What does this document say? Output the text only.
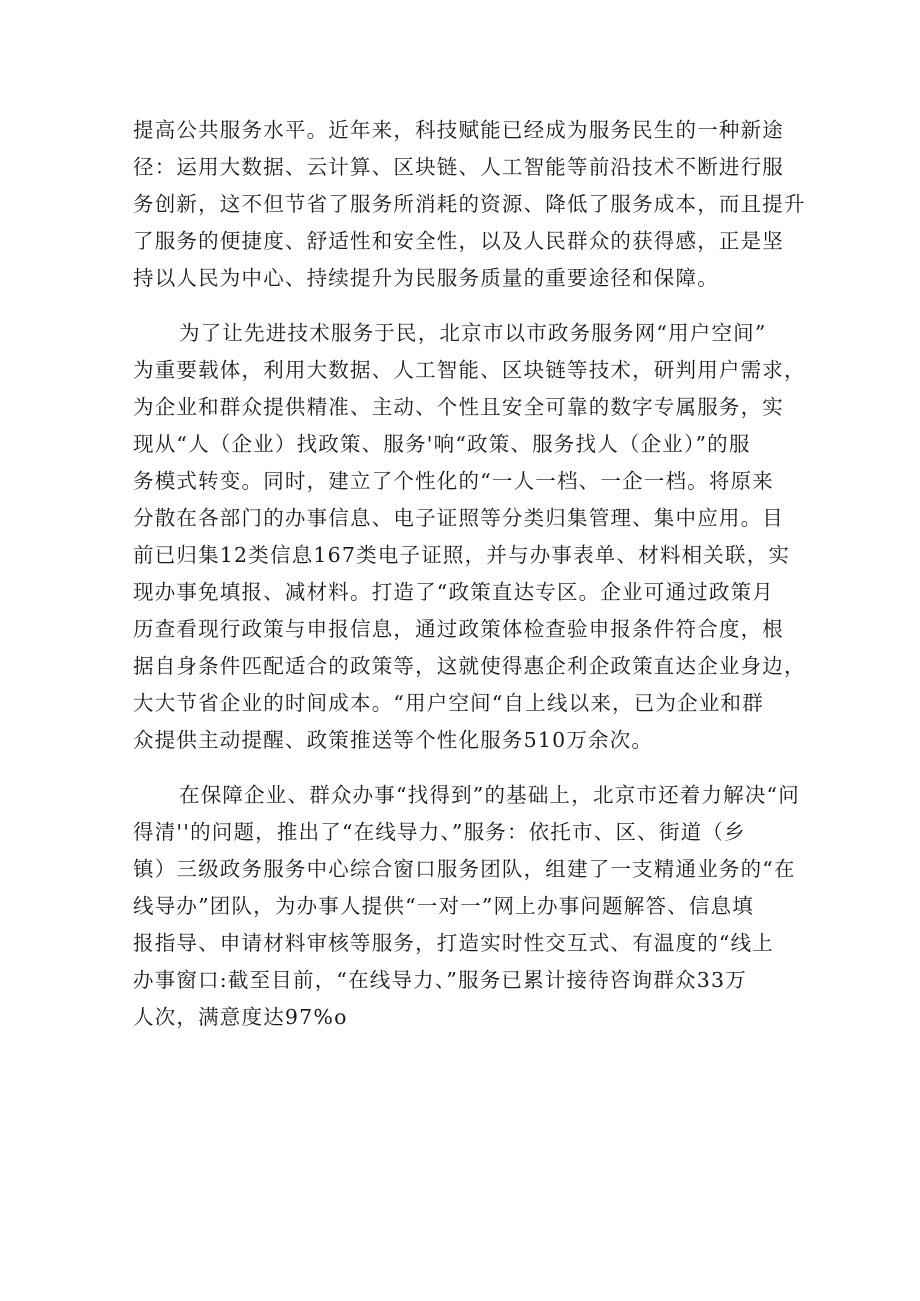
提高公共服务水平。近年来，科技赋能已经成为服务民生的一种新途
径：运用大数据、云计算、区块链、人工智能等前沿技术不断进行服
务创新，这不但节省了服务所消耗的资源、降低了服务成本，而且提升
了服务的便捷度、舒适性和安全性，以及人民群众的获得感，正是坚
持以人民为中心、持续提升为民服务质量的重要途径和保障。
为了让先进技术服务于民，北京市以市政务服务网“用户空间”
为重要载体，利用大数据、人工智能、区块链等技术，研判用户需求，
为企业和群众提供精准、主动、个性且安全可靠的数字专属服务，实
现从“人（企业）找政策、服务'响“政策、服务找人（企业）”的服
务模式转变。同时，建立了个性化的“一人一档、一企一档。将原来
分散在各部门的办事信息、电子证照等分类归集管理、集中应用。目
前已归集12类信息167类电子证照，并与办事表单、材料相关联，实
现办事免填报、减材料。打造了“政策直达专区。企业可通过政策月
历查看现行政策与申报信息，通过政策体检查验申报条件符合度，根
据自身条件匹配适合的政策等，这就使得惠企利企政策直达企业身边，
大大节省企业的时间成本。“用户空间“自上线以来，已为企业和群
众提供主动提醒、政策推送等个性化服务510万余次。
在保障企业、群众办事“找得到”的基础上，北京市还着力解决“问
得清''的问题，推出了“在线导力、”服务：依托市、区、街道（乡
镇）三级政务服务中心综合窗口服务团队，组建了一支精通业务的“在
线导办”团队，为办事人提供“一对一”网上办事问题解答、信息填
报指导、申请材料审核等服务，打造实时性交互式、有温度的“线上
办事窗口:截至目前，“在线导力、”服务已累计接待咨询群众33万
人次，满意度达97%o
